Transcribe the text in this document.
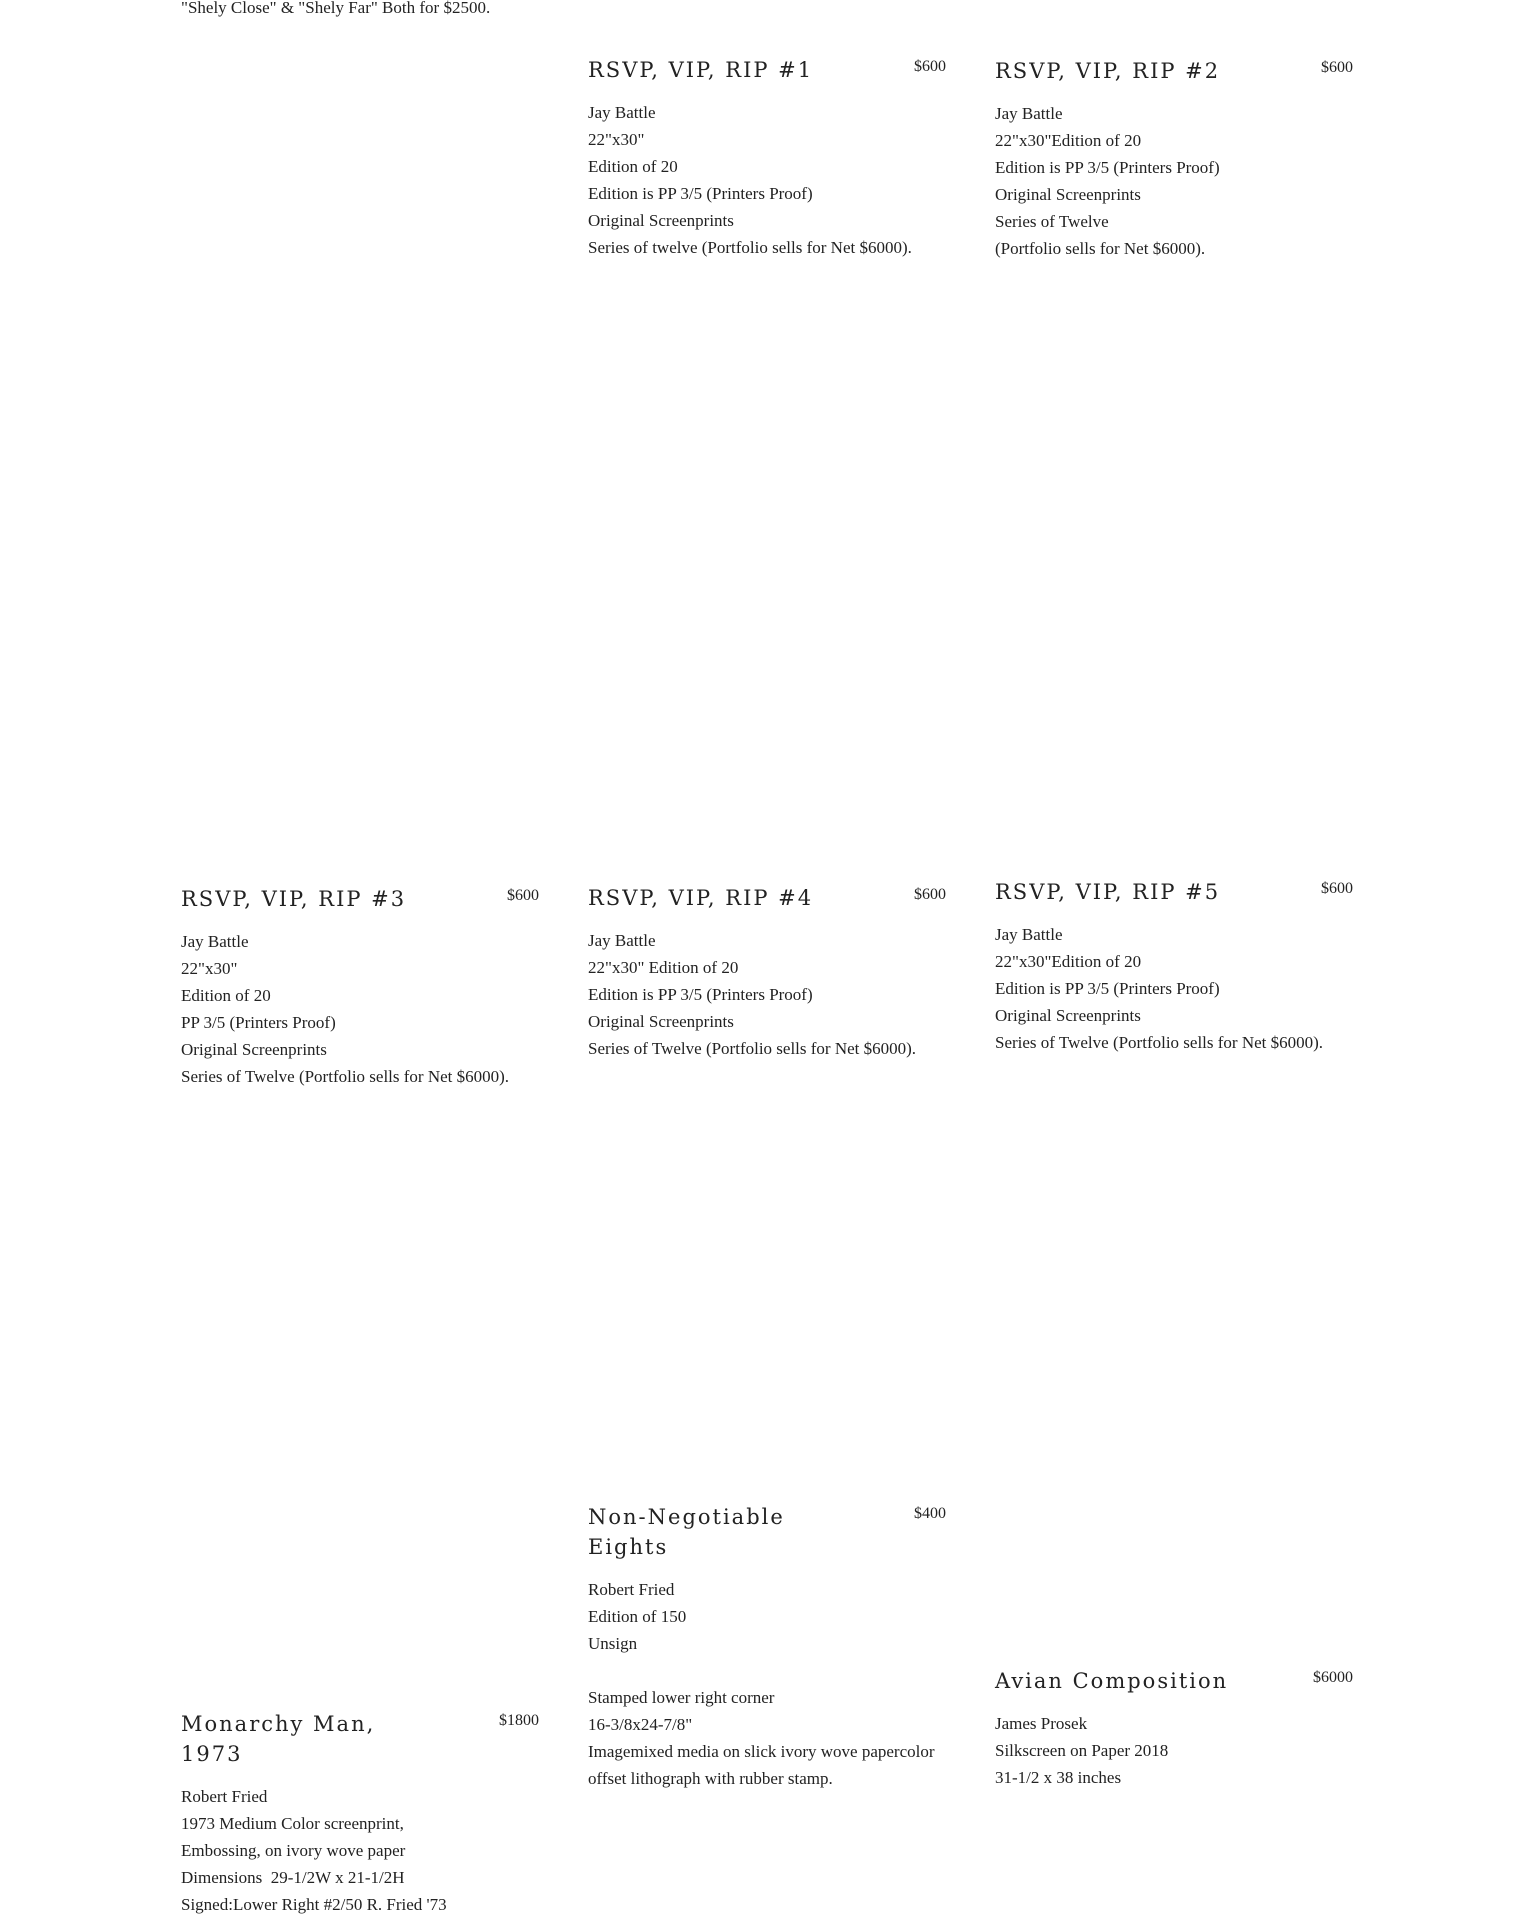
"Shely Close" & "Shely Far" Both for $2500.

RSVP, VIP, RIP #1	$600
Jay Battle
22"x30"
Edition of 20
Edition is PP 3/5 (Printers Proof)
Original Screenprints
Series of twelve (Portfolio sells for Net $6000).
RSVP, VIP, RIP #2	$600
Jay Battle
22"x30"Edition of 20
Edition is PP 3/5 (Printers Proof)
Original Screenprints
Series of Twelve
(Portfolio sells for Net $6000).
RSVP, VIP, RIP #3	$600
Jay Battle
22"x30"
Edition of 20
PP 3/5 (Printers Proof)
Original Screenprints
Series of Twelve (Portfolio sells for Net $6000).
RSVP, VIP, RIP #4	$600
Jay Battle
22"x30" Edition of 20
Edition is PP 3/5 (Printers Proof)
Original Screenprints
Series of Twelve (Portfolio sells for Net $6000).
RSVP, VIP, RIP #5	$600
Jay Battle
22"x30"Edition of 20
Edition is PP 3/5 (Printers Proof)
Original Screenprints
Series of Twelve (Portfolio sells for Net $6000).
Non-Negotiable Eights
$400
Robert Fried
Edition of 150
Unsign
Stamped lower right corner
16-3/8x24-7/8"
Imagemixed media on slick ivory wove papercolor
offset lithograph with rubber stamp.
Avian Composition	$6000
James Prosek
Silkscreen on Paper 2018
31-1/2 x 38 inches
Monarchy Man, 1973
$1800
Robert Fried
1973 Medium Color screenprint,
Embossing, on ivory wove paper
Dimensions  29-1/2W x 21-1/2H
Signed:Lower Right #2/50 R. Fried '73
